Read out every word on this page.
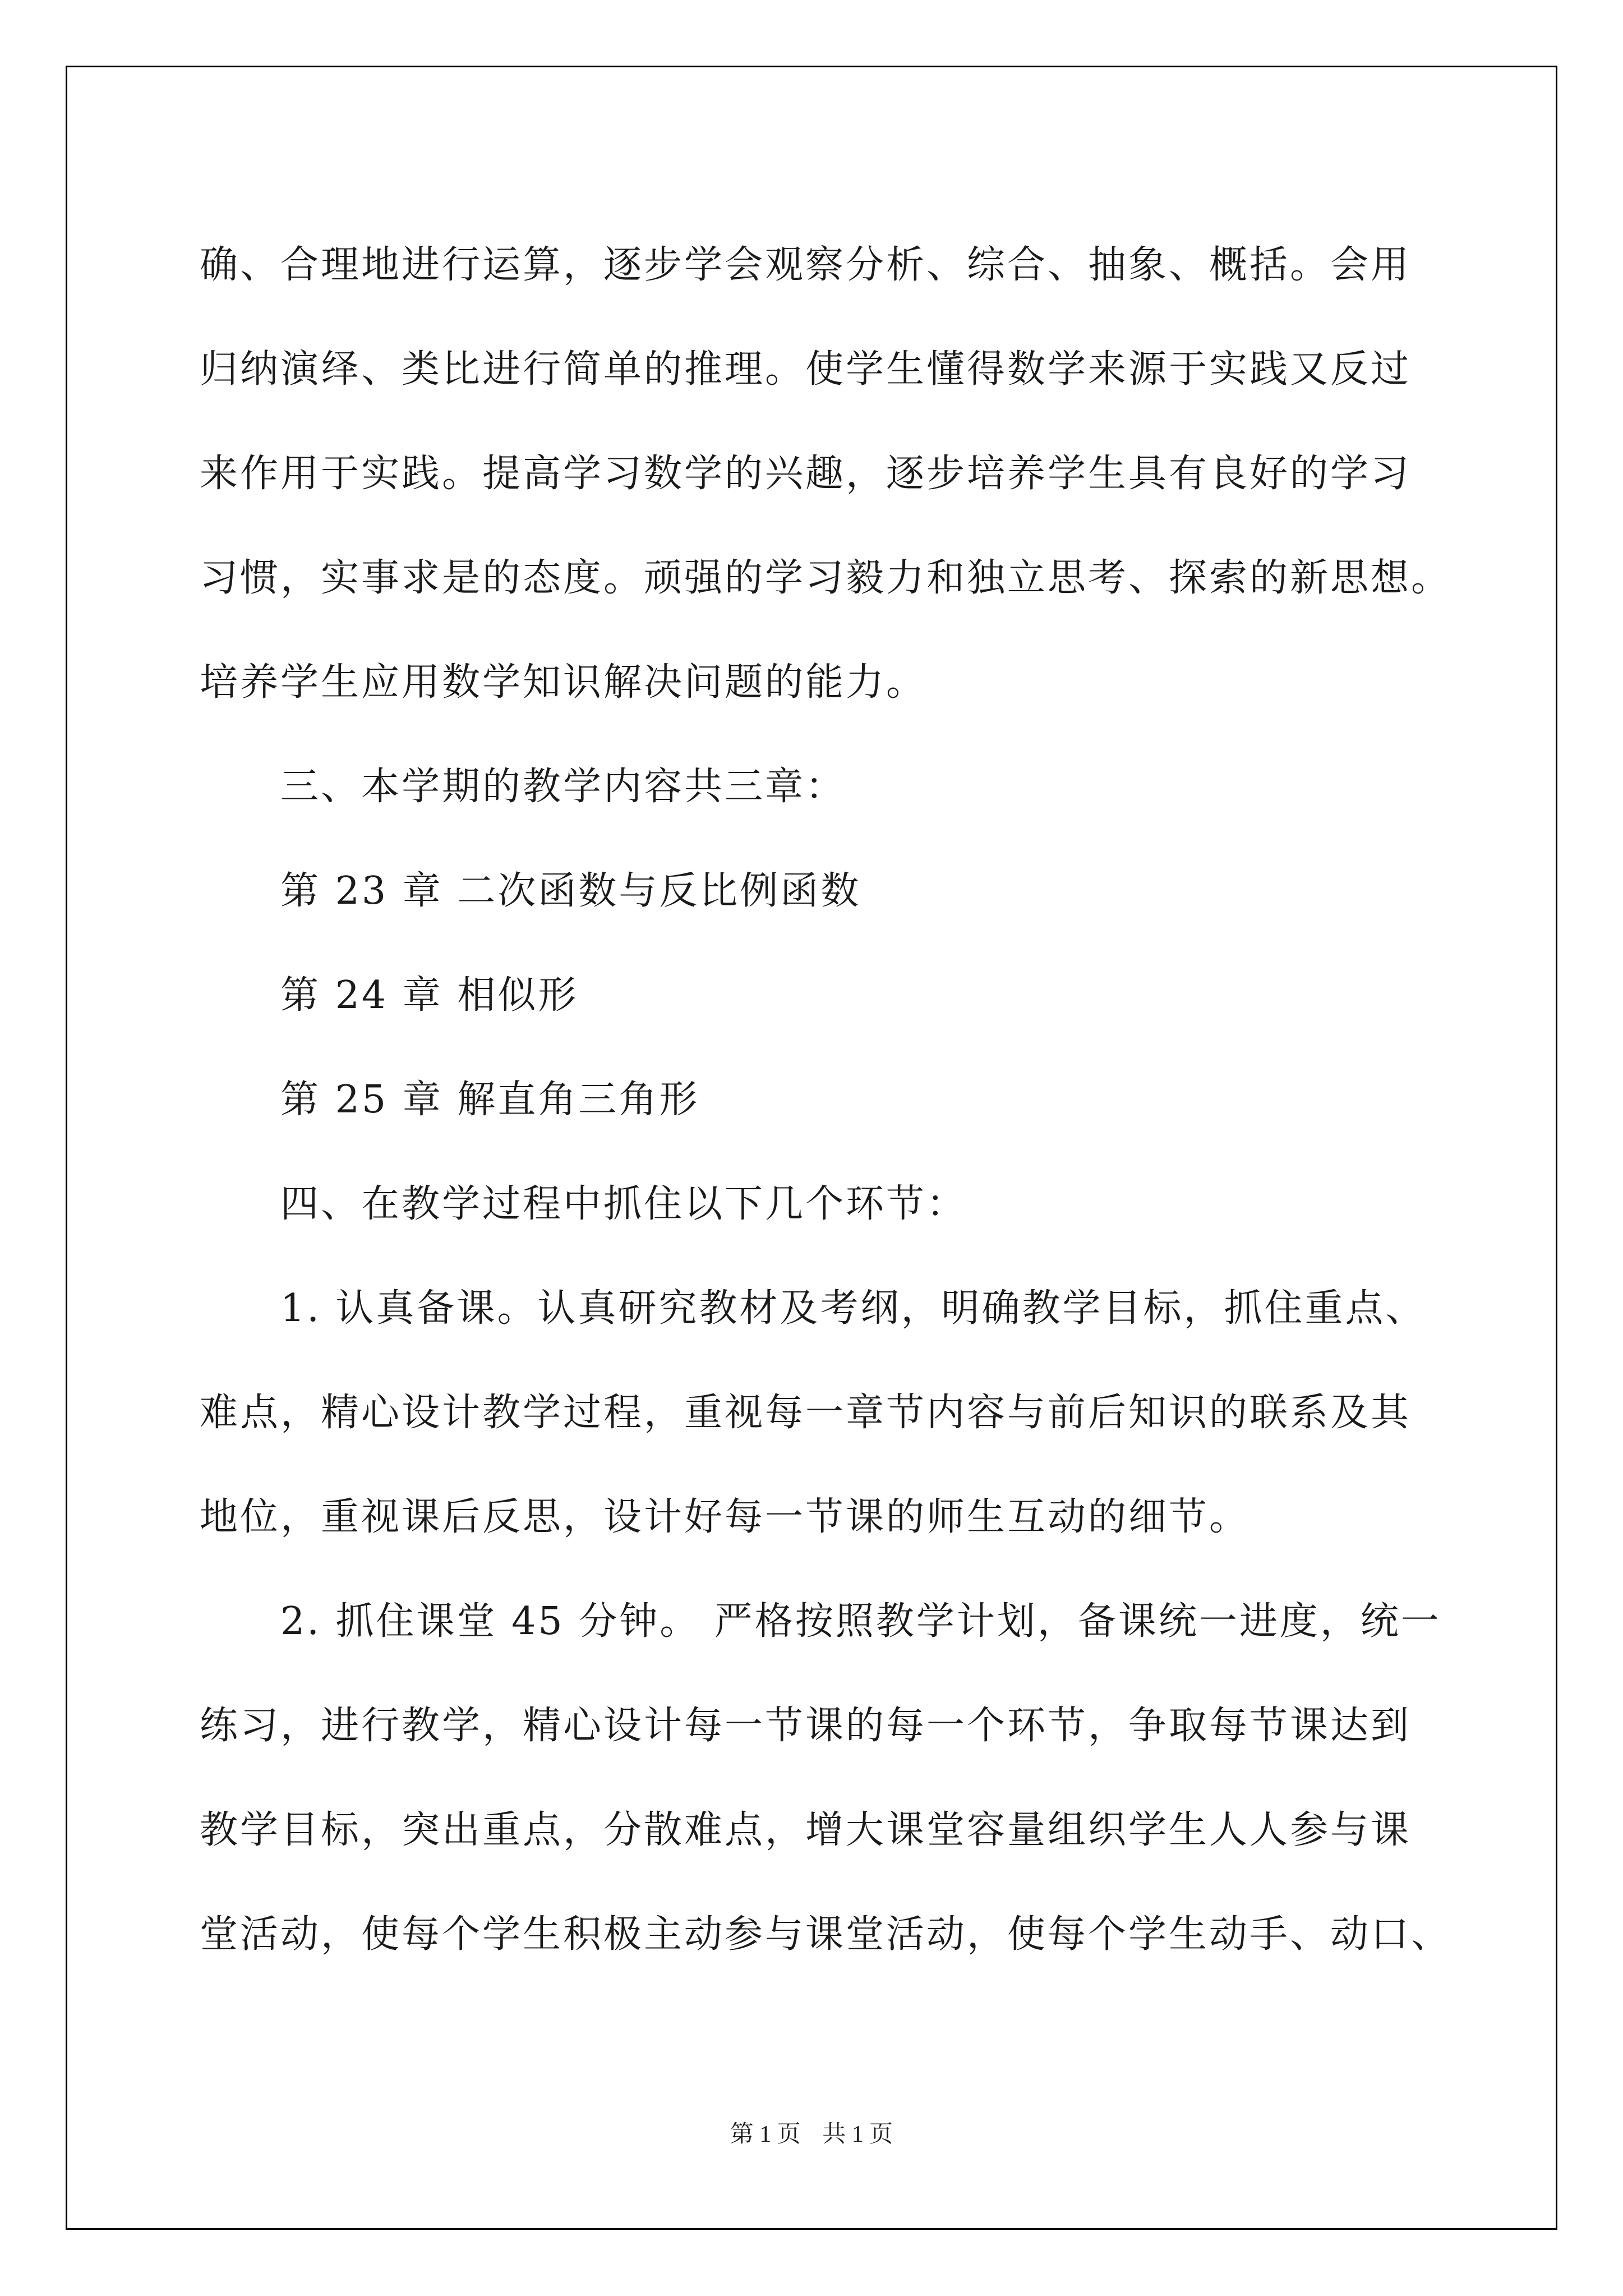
确、合理地进行运算，逐步学会观察分析、综合、抽象、概括。会用
归纳演绎、类比进行简单的推理。使学生懂得数学来源于实践又反过
来作用于实践。提高学习数学的兴趣，逐步培养学生具有良好的学习
习惯，实事求是的态度。顽强的学习毅力和独立思考、探索的新思想。
培养学生应用数学知识解决问题的能力。
三、本学期的教学内容共三章：
第 23 章 二次函数与反比例函数
第 24 章 相似形
第 25 章 解直角三角形
四、在教学过程中抓住以下几个环节：
1. 认真备课。认真研究教材及考纲，明确教学目标，抓住重点、
难点，精心设计教学过程，重视每一章节内容与前后知识的联系及其
地位，重视课后反思，设计好每一节课的师生互动的细节。
2. 抓住课堂 45 分钟。 严格按照教学计划，备课统一进度，统一
练习，进行教学，精心设计每一节课的每一个环节，争取每节课达到
教学目标，突出重点，分散难点，增大课堂容量组织学生人人参与课
堂活动，使每个学生积极主动参与课堂活动，使每个学生动手、动口、
第 1 页 共 1 页
